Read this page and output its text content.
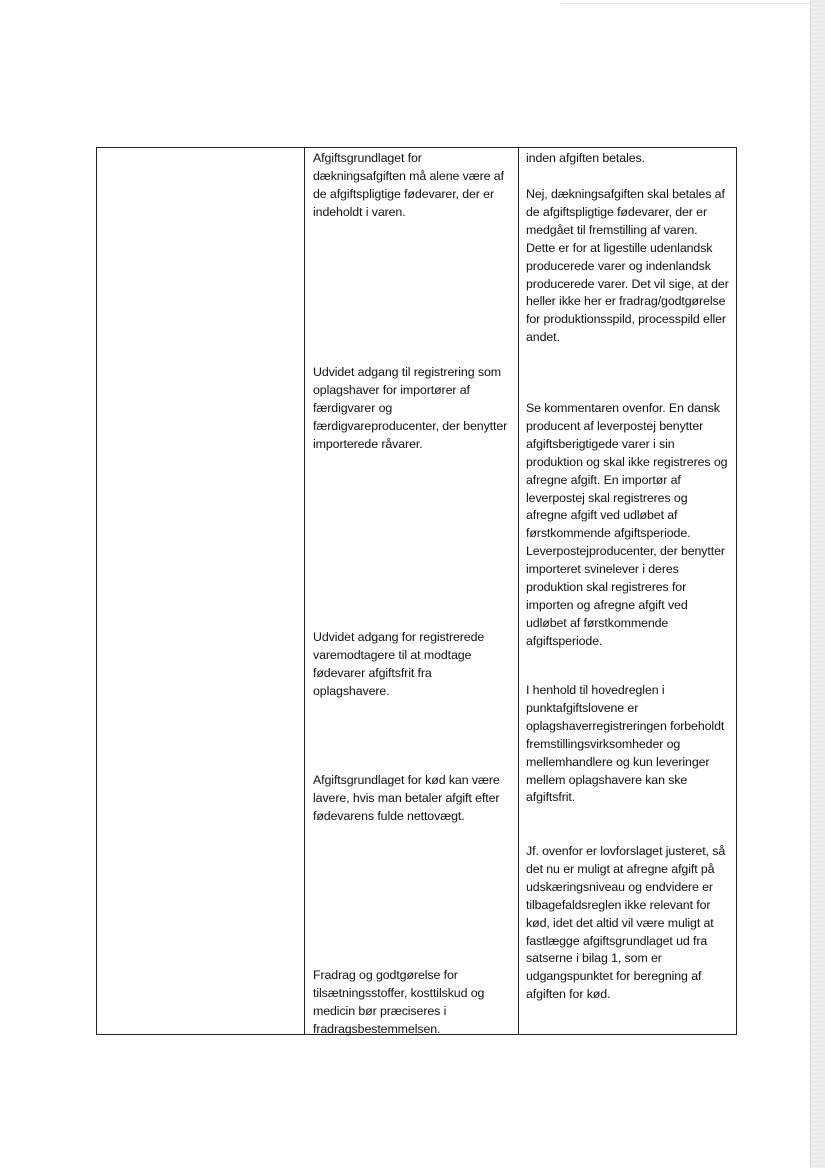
Afgiftsgrundlaget for dækningsafgiften må alene være af de afgiftspligtige fødevarer, der er indeholdt i varen.

Udvidet adgang til registrering som oplagshaver for importører af færdigvarer og færdigvareproducenter, der benytter importerede råvarer.

Udvidet adgang for registrerede varemodtagere til at modtage fødevarer afgiftsfrit fra oplagshavere.

Afgiftsgrundlaget for kød kan være lavere, hvis man betaler afgift efter fødevarens fulde nettovægt.

Fradrag og godtgørelse for tilsætningsstoffer, kosttilskud og medicin bør præciseres i fradragsbestemmelsen.

inden afgiften betales.

Nej, dækningsafgiften skal betales af de afgiftspligtige fødevarer, der er medgået til fremstilling af varen. Dette er for at ligestille udenlandsk producerede varer og indenlandsk producerede varer. Det vil sige, at der heller ikke her er fradrag/godtgørelse for produktionsspild, processpild eller andet.

Se kommentaren ovenfor. En dansk producent af leverpostej benytter afgiftsberigtigede varer i sin produktion og skal ikke registreres og afregne afgift. En importør af leverpostej skal registreres og afregne afgift ved udløbet af førstkommende afgiftsperiode. Leverpostejproducenter, der benytter importeret svinelever i deres produktion skal registreres for importen og afregne afgift ved udløbet af førstkommende afgiftsperiode.

I henhold til hovedreglen i punktafgiftslovene er oplagshaverregistreringen forbeholdt fremstillingsvirksomheder og mellemhandlere og kun leveringer mellem oplagshavere kan ske afgiftsfrit.

Jf. ovenfor er lovforslaget justeret, så det nu er muligt at afregne afgift på udskæringsniveau og endvidere er tilbagefaldsreglen ikke relevant for kød, idet det altid vil være muligt at fastlægge afgiftsgrundlaget ud fra satserne i bilag 1, som er udgangspunktet for beregning af afgiften for kød.
